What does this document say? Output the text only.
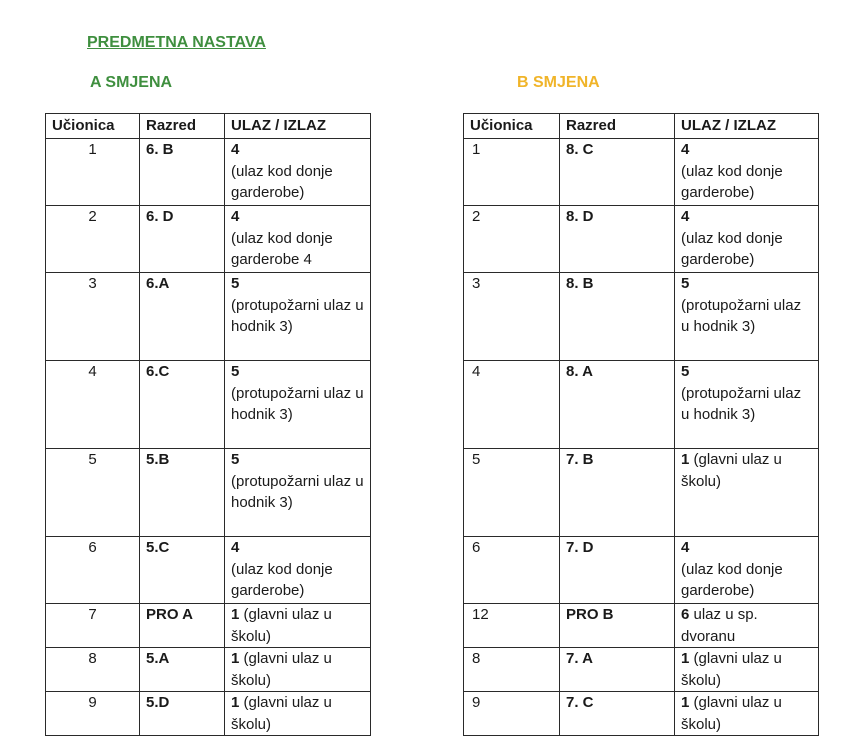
PREDMETNA NASTAVA
A SMJENA	B SMJENA
Učionica	Razred	ULAZ / IZLAZ
1	6. B	4
(ulaz kod donje garderobe)
2	6. D	4
(ulaz kod donje garderobe 4
3	6.A	5
(protupožarni ulaz u hodnik 3)
4	6.C	5
(protupožarni ulaz u hodnik 3)
5	5.B	5
(protupožarni ulaz u hodnik 3)
6	5.C	4
(ulaz kod donje garderobe)
7	PRO A	1 (glavni ulaz u školu)
8	5.A	1 (glavni ulaz u školu)
9	5.D	1 (glavni ulaz u školu)
Učionica	Razred	ULAZ / IZLAZ
1	8. C	4
(ulaz kod donje garderobe)
2	8. D	4
(ulaz kod donje garderobe)
3	8. B	5
(protupožarni ulaz u hodnik 3)
4	8. A	5
(protupožarni ulaz u hodnik 3)
5	7. B	1 (glavni ulaz u školu)
6	7. D	4
(ulaz kod donje garderobe)
12	PRO B	6 ulaz u sp. dvoranu
8	7. A	1 (glavni ulaz u školu)
9	7. C	1 (glavni ulaz u školu)
